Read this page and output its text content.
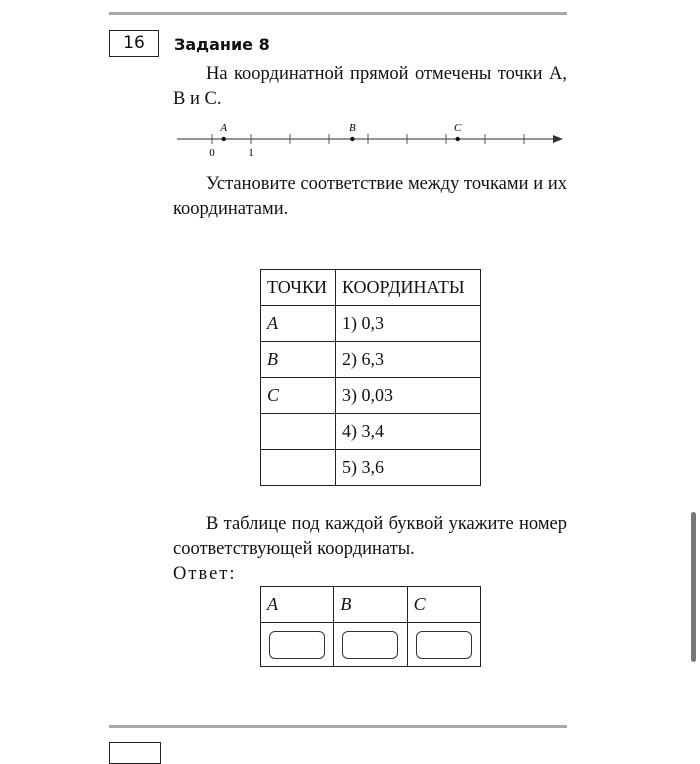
16	Задание 8
На координатной прямой отмечены точки A, B и C.
A	B	C
0	1
Установите соответствие между точками и их координатами.
ТОЧКИ	КООРДИНАТЫ
A	1) 0,3
B	2) 6,3
C	3) 0,03
	4) 3,4
	5) 3,6
В таблице под каждой буквой укажите номер соответствующей координаты.
Ответ:
A	B	C
